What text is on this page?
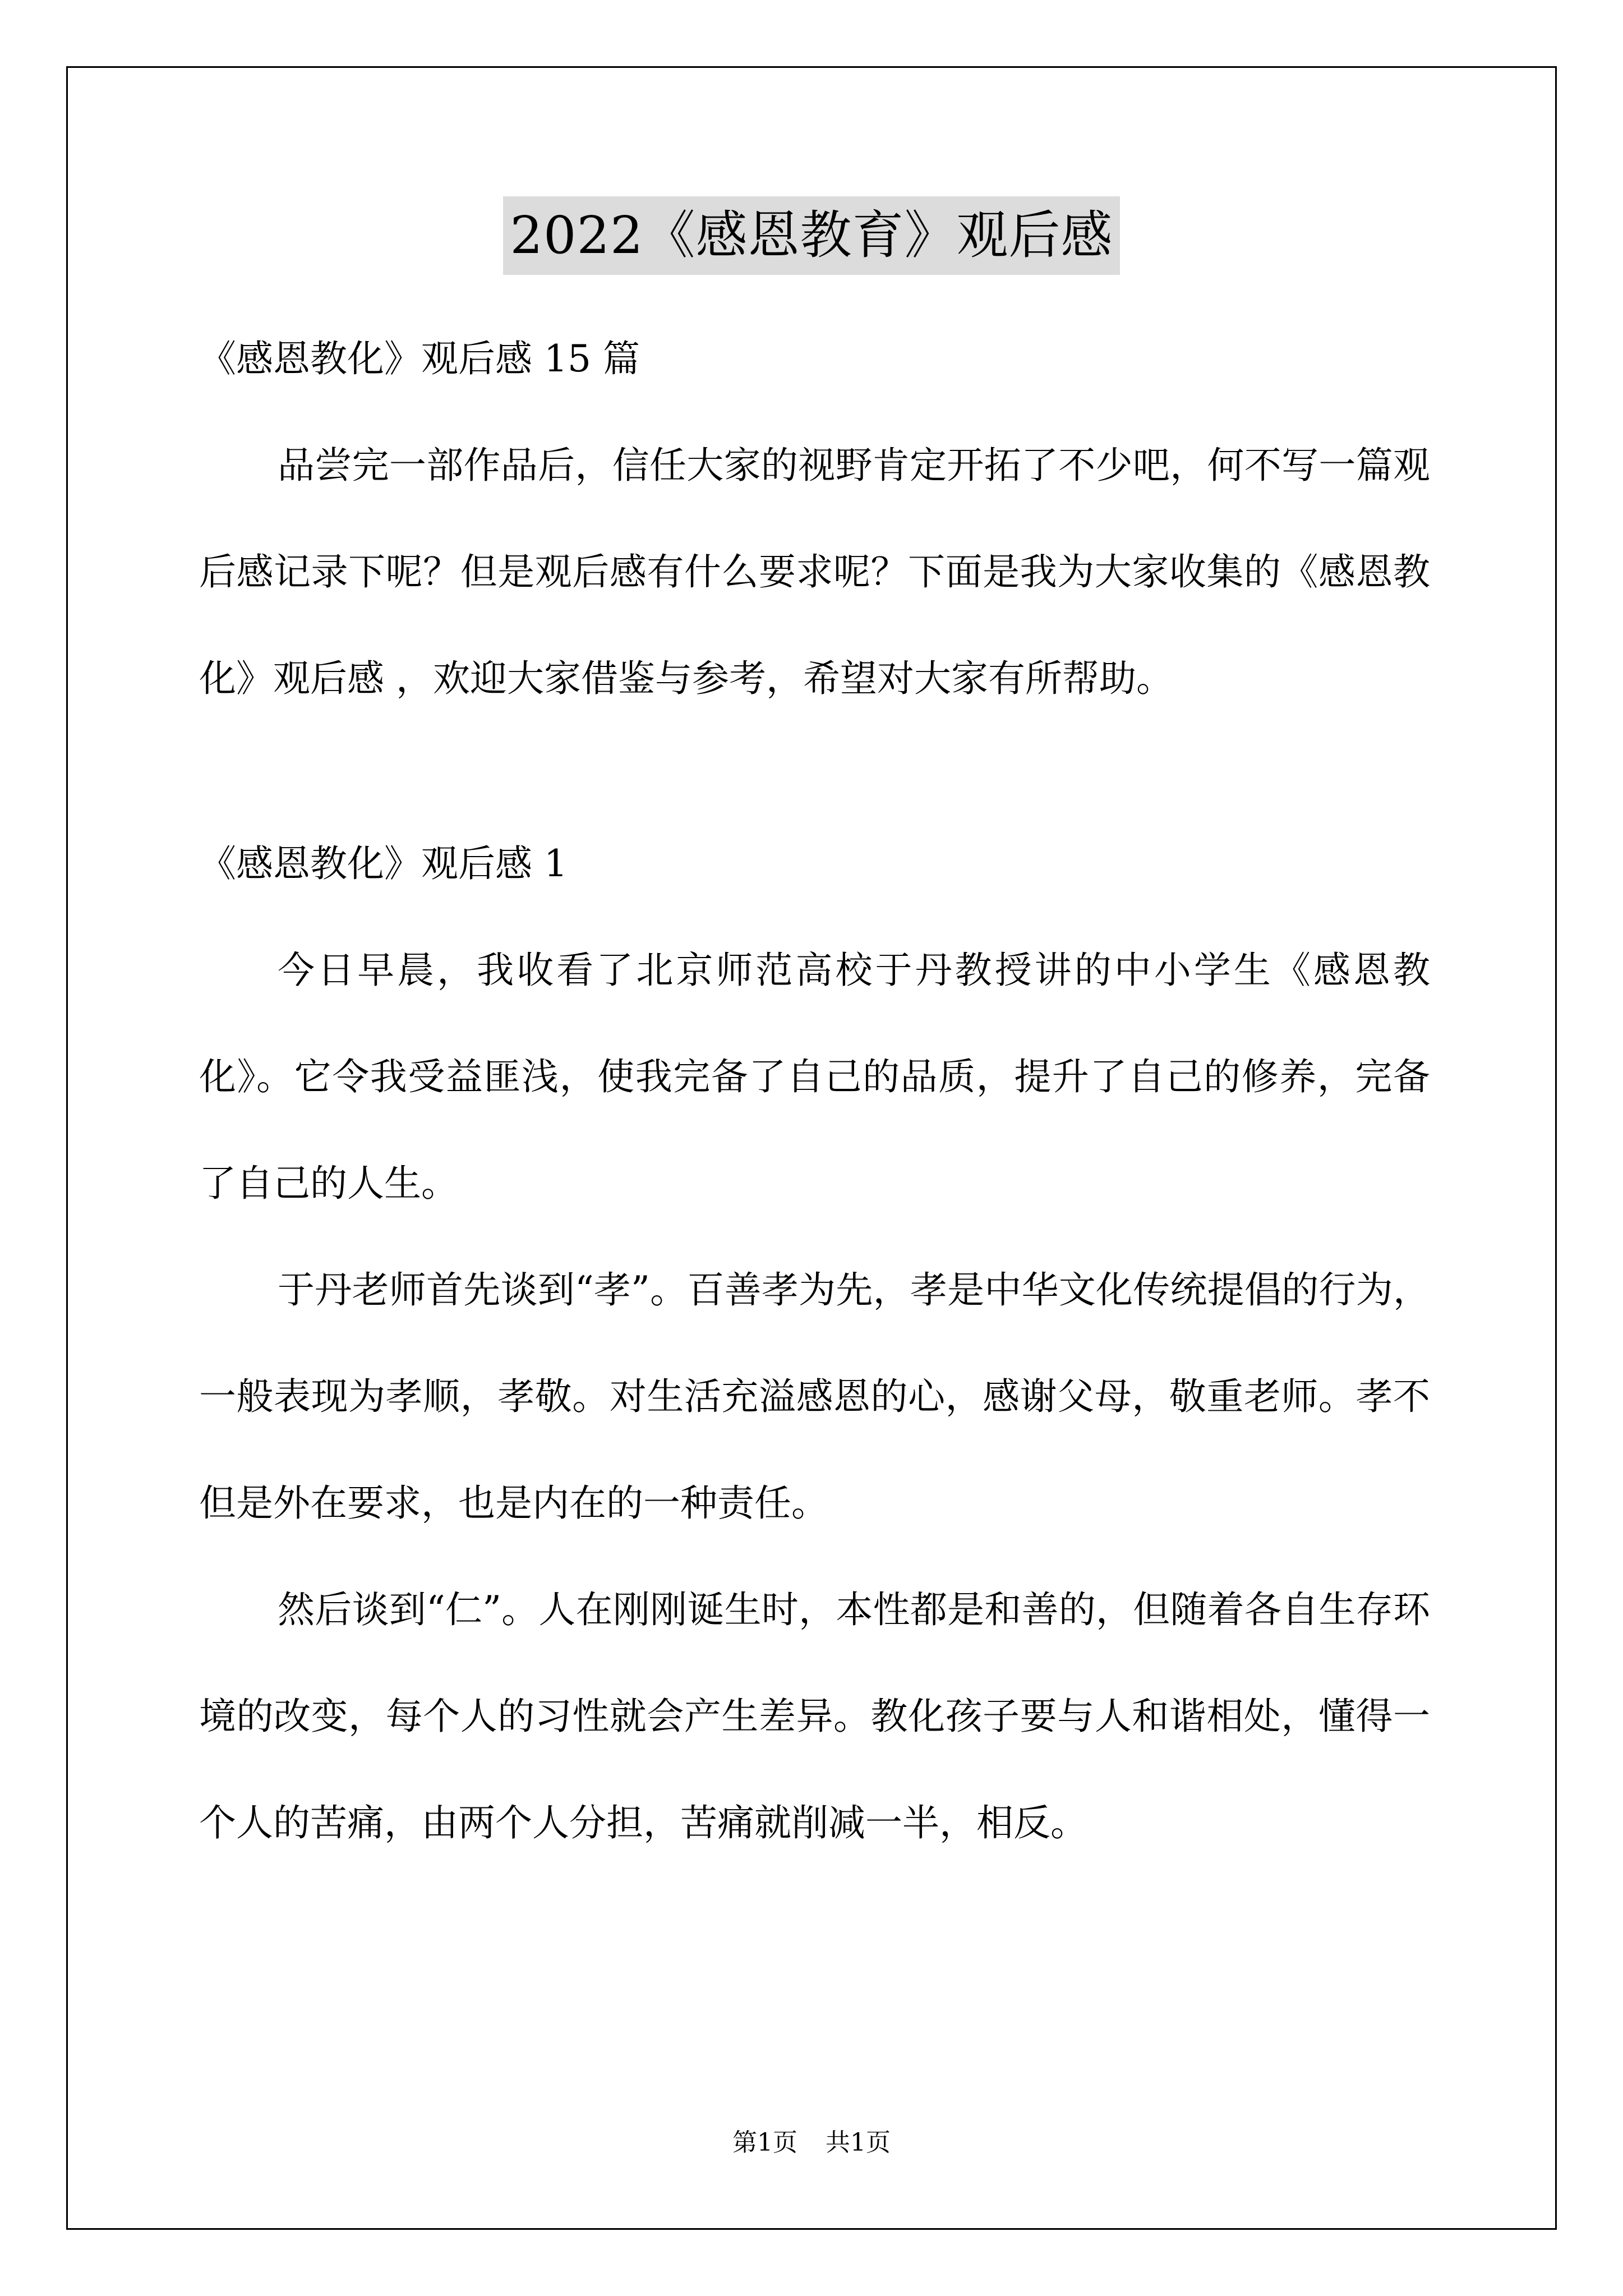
2022《感恩教育》观后感

《感恩教化》观后感 15 篇

品尝完一部作品后，信任大家的视野肯定开拓了不少吧，何不写一篇观后感记录下呢？但是观后感有什么要求呢？下面是我为大家收集的《感恩教化》观后感 ，欢迎大家借鉴与参考，希望对大家有所帮助。

《感恩教化》观后感 1

今日早晨，我收看了北京师范高校于丹教授讲的中小学生《感恩教化》。它令我受益匪浅，使我完备了自己的品质，提升了自己的修养，完备了自己的人生。

于丹老师首先谈到“孝”。百善孝为先，孝是中华文化传统提倡的行为，一般表现为孝顺，孝敬。对生活充溢感恩的心，感谢父母，敬重老师。孝不但是外在要求，也是内在的一种责任。

然后谈到“仁”。人在刚刚诞生时，本性都是和善的，但随着各自生存环境的改变，每个人的习性就会产生差异。教化孩子要与人和谐相处，懂得一个人的苦痛，由两个人分担，苦痛就削减一半，相反。

第1页 共1页
